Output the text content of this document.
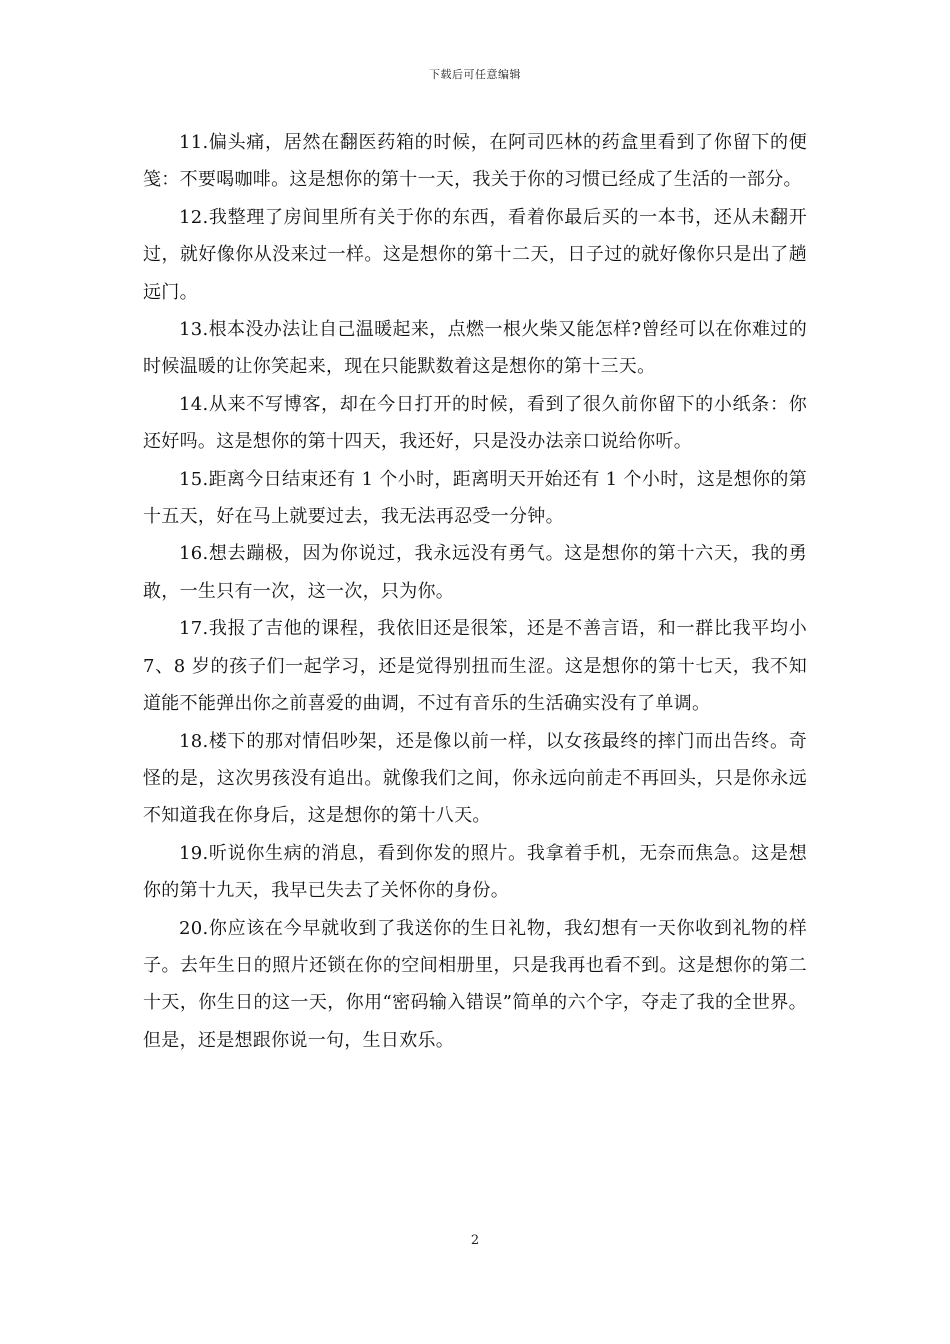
下载后可任意编辑

11.偏头痛，居然在翻医药箱的时候，在阿司匹林的药盒里看到了你留下的便笺：不要喝咖啡。这是想你的第十一天，我关于你的习惯已经成了生活的一部分。

12.我整理了房间里所有关于你的东西，看着你最后买的一本书，还从未翻开过，就好像你从没来过一样。这是想你的第十二天，日子过的就好像你只是出了趟远门。

13.根本没办法让自己温暖起来，点燃一根火柴又能怎样?曾经可以在你难过的时候温暖的让你笑起来，现在只能默数着这是想你的第十三天。

14.从来不写博客，却在今日打开的时候，看到了很久前你留下的小纸条：你还好吗。这是想你的第十四天，我还好，只是没办法亲口说给你听。

15.距离今日结束还有 1 个小时，距离明天开始还有 1 个小时，这是想你的第十五天，好在马上就要过去，我无法再忍受一分钟。

16.想去蹦极，因为你说过，我永远没有勇气。这是想你的第十六天，我的勇敢，一生只有一次，这一次，只为你。

17.我报了吉他的课程，我依旧还是很笨，还是不善言语，和一群比我平均小 7、8 岁的孩子们一起学习，还是觉得别扭而生涩。这是想你的第十七天，我不知道能不能弹出你之前喜爱的曲调，不过有音乐的生活确实没有了单调。

18.楼下的那对情侣吵架，还是像以前一样，以女孩最终的摔门而出告终。奇怪的是，这次男孩没有追出。就像我们之间，你永远向前走不再回头，只是你永远不知道我在你身后，这是想你的第十八天。

19.听说你生病的消息，看到你发的照片。我拿着手机，无奈而焦急。这是想你的第十九天，我早已失去了关怀你的身份。

20.你应该在今早就收到了我送你的生日礼物，我幻想有一天你收到礼物的样子。去年生日的照片还锁在你的空间相册里，只是我再也看不到。这是想你的第二十天，你生日的这一天，你用“密码输入错误”简单的六个字，夺走了我的全世界。但是，还是想跟你说一句，生日欢乐。

2
